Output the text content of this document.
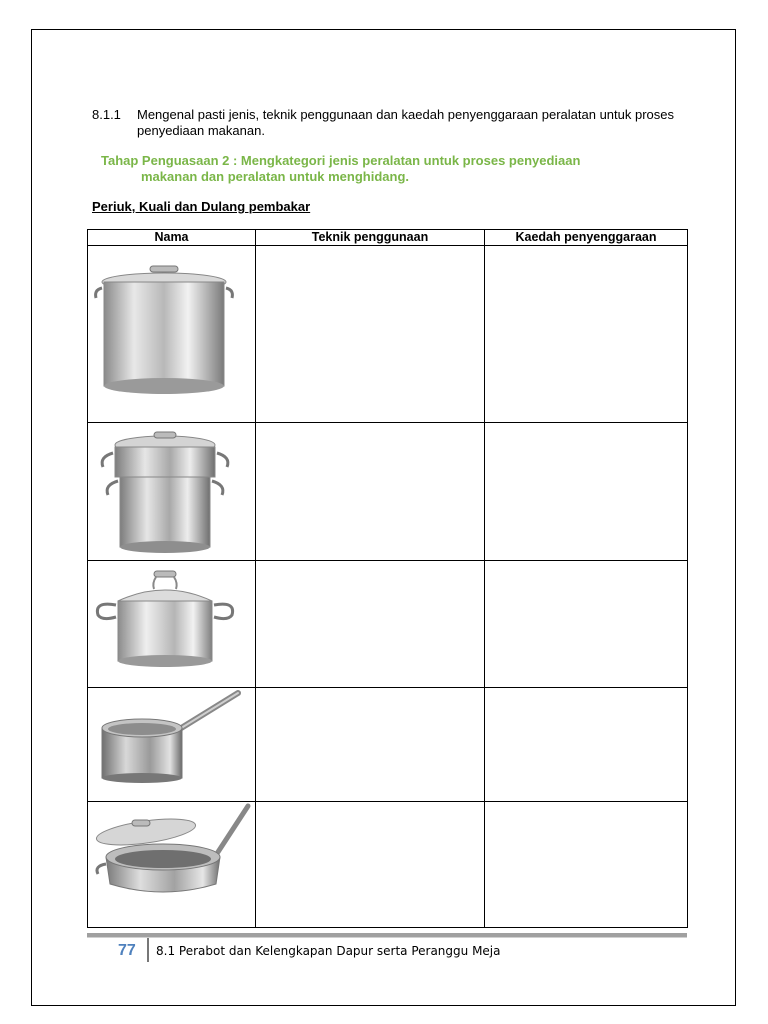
8.1.1 Mengenal pasti jenis, teknik penggunaan dan kaedah penyenggaraan peralatan untuk proses penyediaan makanan.
Tahap Penguasaan 2 : Mengkategori jenis peralatan untuk proses penyediaan
makanan dan peralatan untuk menghidang.
Periuk, Kuali dan Dulang pembakar
Nama	Teknik penggunaan	Kaedah penyenggaraan

77 8.1 Perabot dan Kelengkapan Dapur serta Peranggu Meja
